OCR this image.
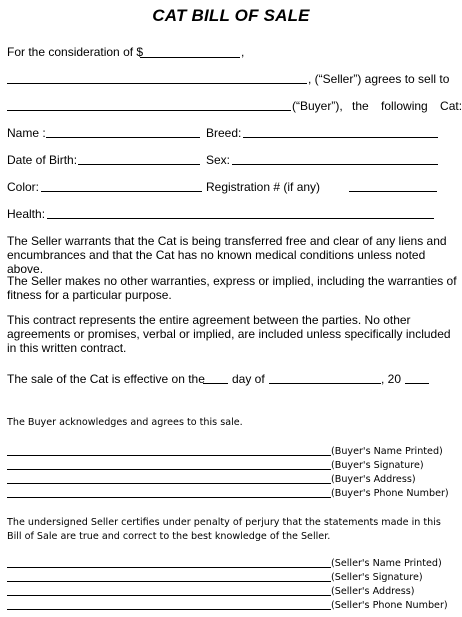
CAT BILL OF SALE
For the consideration of $	,
, (“Seller”) agrees to sell to
(“Buyer”), the following Cat:
Name :	Breed:
Date of Birth:	Sex:
Color:	Registration # (if any)
Health:
The Seller warrants that the Cat is being transferred free and clear of any liens and encumbrances and that the Cat has no known medical conditions unless noted above.
The Seller makes no other warranties, express or implied, including the warranties of fitness for a particular purpose.
This contract represents the entire agreement between the parties. No other agreements or promises, verbal or implied, are included unless specifically included in this written contract.
The sale of the Cat is effective on the day of	, 20
The Buyer acknowledges and agrees to this sale.
(Buyer's Name Printed)
(Buyer's Signature)
(Buyer's Address)
(Buyer's Phone Number)
The undersigned Seller certifies under penalty of perjury that the statements made in this Bill of Sale are true and correct to the best knowledge of the Seller.
(Seller's Name Printed)
(Seller's Signature)
(Seller's Address)
(Seller's Phone Number)
